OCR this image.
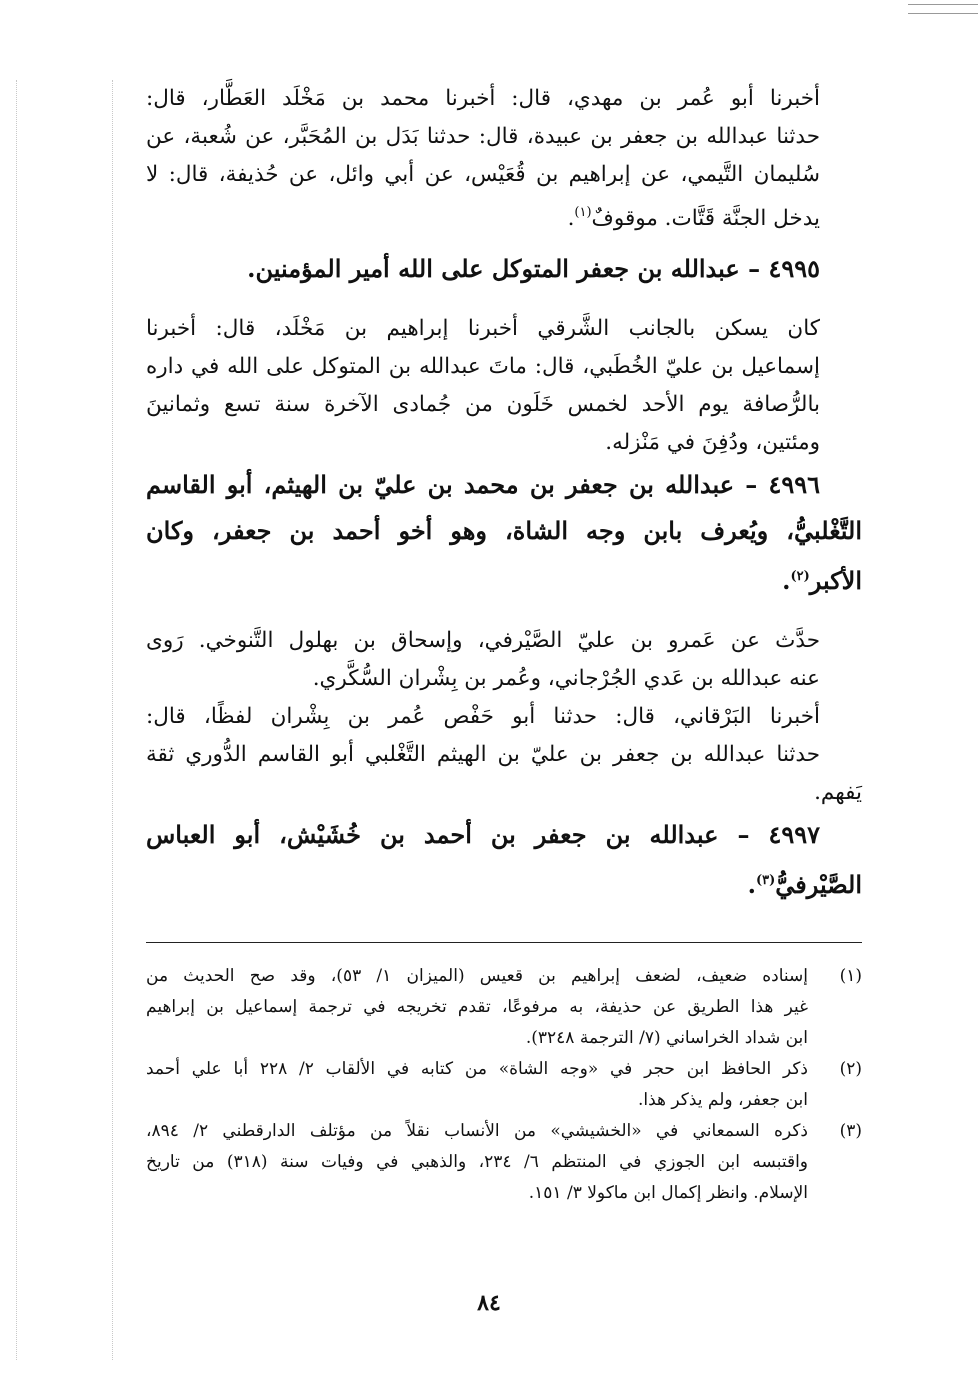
أخبرنا أبو عُمر بن مهدي، قال: أخبرنا محمد بن مَخْلَد العَطَّار، قال:
حدثنا عبدالله بن جعفر بن عبيدة، قال: حدثنا بَدَل بن المُحَبَّر، عن شُعبة، عن
سُليمان التَّيمي، عن إبراهيم بن قُعَيْس، عن أبي وائل، عن حُذيفة، قال: لا
يدخل الجنَّة قَتَّات. موقوفٌ$^{(١)}$.
٤٩٩٥ – عبدالله بن جعفر المتوكل على الله أمير المؤمنين.
كان يسكن بالجانب الشَّرقي أخبرنا إبراهيم بن مَخْلَد، قال: أخبرنا
إسماعيل بن عليّ الخُطَبي، قال: ماتَ عبدالله بن المتوكل على الله في داره
بالرُّصافة يوم الأحد لخمس خَلَون من جُمادى الآخرة سنة تسع وثمانينَ
ومئتين، ودُفِنَ في مَنْزله.
٤٩٩٦ – عبدالله بن جعفر بن محمد بن عليّ بن الهيثم، أبو القاسم
التَّغْلبيُّ، ويُعرف بابن وجه الشاة، وهو أخو أحمد بن جعفر، وكان
الأكبر$^{(٢)}$.
حدَّث عن عَمرو بن عليّ الصَّيْرفي، وإسحاق بن بهلول التَّنوخي. رَوى
عنه عبدالله بن عَدي الجُرْجاني، وعُمر بن بِشْران السُّكَّري.
أخبرنا البَرْقاني، قال: حدثنا أبو حَفْص عُمر بن بِشْران لفظًا، قال:
حدثنا عبدالله بن جعفر بن عليّ بن الهيثم التَّغْلبي أبو القاسم الدُّوري ثقة يَفهم.
٤٩٩٧ – عبدالله بن جعفر بن أحمد بن خُشَيْش، أبو العباس
الصَّيْرفيُّ$^{(٣)}$.
(١)
إسناده ضعيف، لضعف إبراهيم بن قعيس (الميزان ١/ ٥٣)، وقد صح الحديث من
غير هذا الطريق عن حذيفة، به مرفوعًا، تقدم تخريجه في ترجمة إسماعيل بن إبراهيم
ابن شداد الخراساني (٧/ الترجمة ٣٢٤٨).
(٢)
ذكر الحافظ ابن حجر في «وجه الشاة» من كتابه في الألقاب ٢/ ٢٢٨ أبا علي أحمد
ابن جعفر، ولم يذكر هذا.
(٣)
ذكره السمعاني في «الخشيشي» من الأنساب نقلاً من مؤتلف الدارقطني ٢/ ٨٩٤،
واقتبسه ابن الجوزي في المنتظم ٦/ ٢٣٤، والذهبي في وفيات سنة (٣١٨) من تاريخ
الإسلام. وانظر إكمال ابن ماكولا ٣/ ١٥١.
٨٤
